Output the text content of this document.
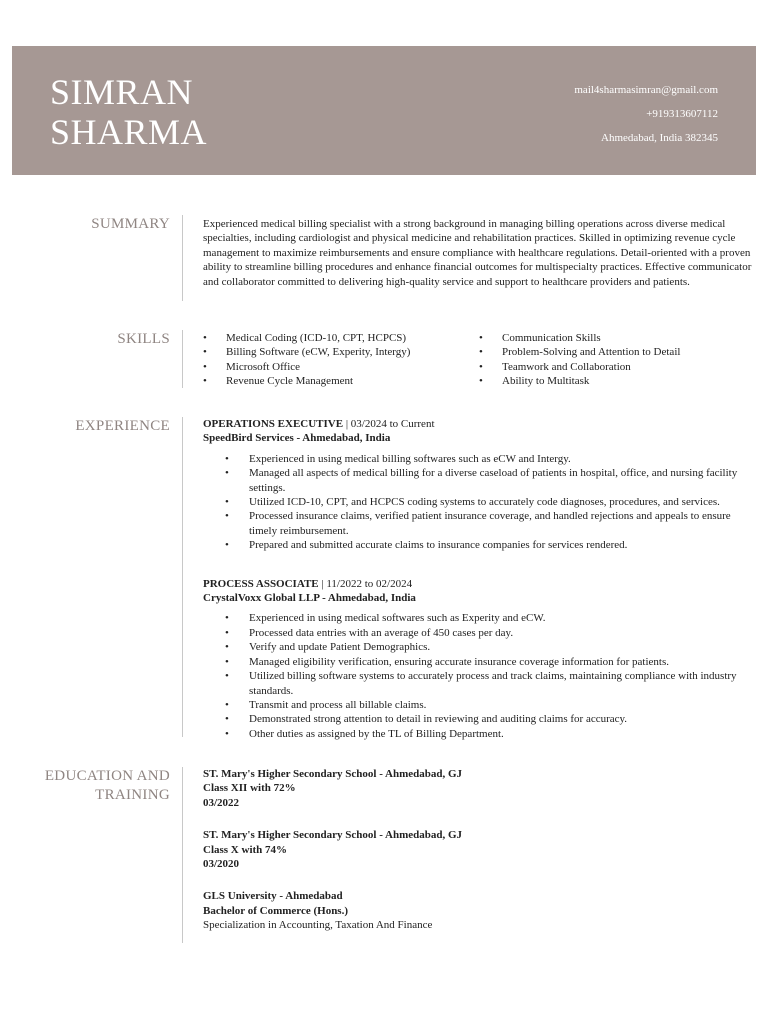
SIMRAN
SHARMA
mail4sharmasimran@gmail.com
+919313607112
Ahmedabad, India 382345
SUMMARY	Experienced medical billing specialist with a strong background in managing billing operations across diverse medical specialties, including cardiologist and physical medicine and rehabilitation practices. Skilled in optimizing revenue cycle management to maximize reimbursements and ensure compliance with healthcare regulations. Detail-oriented with a proven ability to streamline billing procedures and enhance financial outcomes for multispecialty practices. Effective communicator and collaborator committed to delivering high-quality service and support to healthcare providers and patients.

SKILLS
•	Medical Coding (ICD-10, CPT, HCPCS)
• Billing Software (eCW, Experity, Intergy)
• Microsoft Office
• Revenue Cycle Management
• Communication Skills
• Problem-Solving and Attention to Detail
• Teamwork and Collaboration
• Ability to Multitask
EXPERIENCE	OPERATIONS EXECUTIVE | 03/2024 to Current
SpeedBird Services - Ahmedabad, India
• Experienced in using medical billing softwares such as eCW and Intergy.
• Managed all aspects of medical billing for a diverse caseload of patients in hospital, office, and nursing facility settings.
• Utilized ICD-10, CPT, and HCPCS coding systems to accurately code diagnoses, procedures, and services.
• Processed insurance claims, verified patient insurance coverage, and handled rejections and appeals to ensure timely reimbursement.
• Prepared and submitted accurate claims to insurance companies for services rendered.
PROCESS ASSOCIATE | 11/2022 to 02/2024
CrystalVoxx Global LLP - Ahmedabad, India
• Experienced in using medical softwares such as Experity and eCW.
• Processed data entries with an average of 450 cases per day.
• Verify and update Patient Demographics.
• Managed eligibility verification, ensuring accurate insurance coverage information for patients.
• Utilized billing software systems to accurately process and track claims, maintaining compliance with industry standards.
• Transmit and process all billable claims.
• Demonstrated strong attention to detail in reviewing and auditing claims for accuracy.
• Other duties as assigned by the TL of Billing Department.
EDUCATION AND
TRAINING
ST. Mary's Higher Secondary School - Ahmedabad, GJ
Class XII with 72%
03/2022
ST. Mary's Higher Secondary School - Ahmedabad, GJ
Class X with 74%
03/2020
GLS University - Ahmedabad
Bachelor of Commerce (Hons.)
Specialization in Accounting, Taxation And Finance
